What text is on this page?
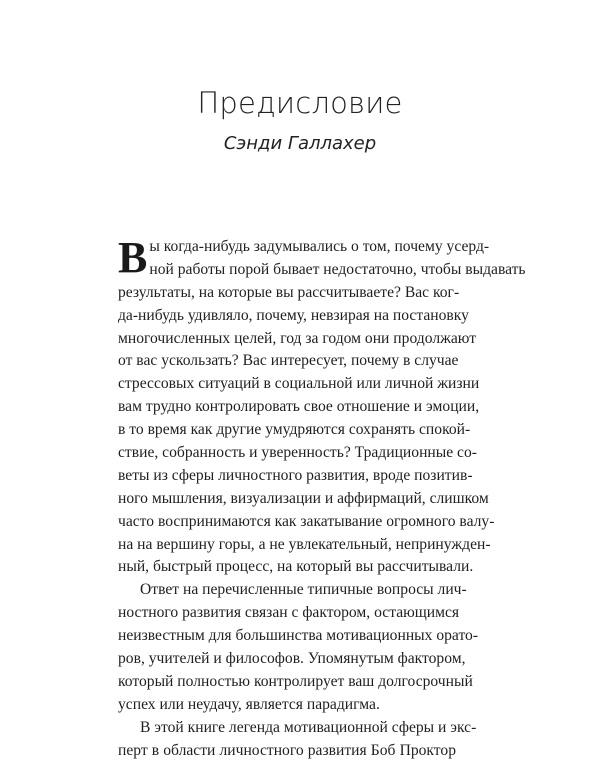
Предисловие
Сэнди Галлахер
В ы когда-нибудь задумывались о том, почему усерд-
ной работы порой бывает недостаточно, чтобы выдавать
результаты, на которые вы рассчитываете? Вас ког-
да-нибудь удивляло, почему, невзирая на постановку
многочисленных целей, год за годом они продолжают
от вас ускользать? Вас интересует, почему в случае
стрессовых ситуаций в социальной или личной жизни
вам трудно контролировать свое отношение и эмоции,
в то время как другие умудряются сохранять спокой-
ствие, собранность и уверенность? Традиционные со-
веты из сферы личностного развития, вроде позитив-
ного мышления, визуализации и аффирмаций, слишком
часто воспринимаются как закатывание огромного валу-
на на вершину горы, а не увлекательный, непринужден-
ный, быстрый процесс, на который вы рассчитывали.
Ответ на перечисленные типичные вопросы лич-
ностного развития связан с фактором, остающимся
неизвестным для большинства мотивационных орато-
ров, учителей и философов. Упомянутым фактором,
который полностью контролирует ваш долгосрочный
успех или неудачу, является парадигма.
В этой книге легенда мотивационной сферы и экс-
перт в области личностного развития Боб Проктор
